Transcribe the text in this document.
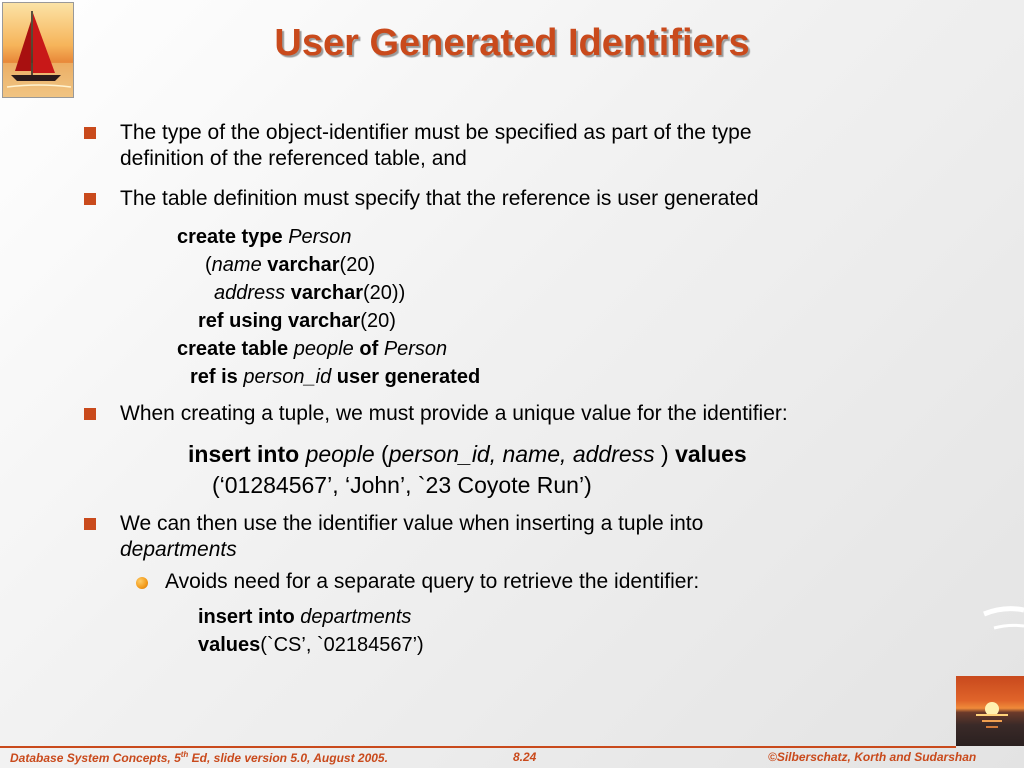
User Generated Identifiers
The type of the object-identifier must be specified as part of the type
definition of the referenced table, and
The table definition must specify that the reference is user generated
create type Person
(name varchar(20)
address varchar(20))
ref using varchar(20)
create table people of Person
ref is person_id user generated
When creating a tuple, we must provide a unique value for the identifier:
insert into people (person_id, name, address ) values
(‘01284567’, ‘John’, `23 Coyote Run’)
We can then use the identifier value when inserting a tuple into
departments
Avoids need for a separate query to retrieve the identifier:
insert into departments
values(`CS’, `02184567’)
Database System Concepts, 5th Ed, slide version 5.0, August 2005.	8.24	©Silberschatz, Korth and Sudarshan
